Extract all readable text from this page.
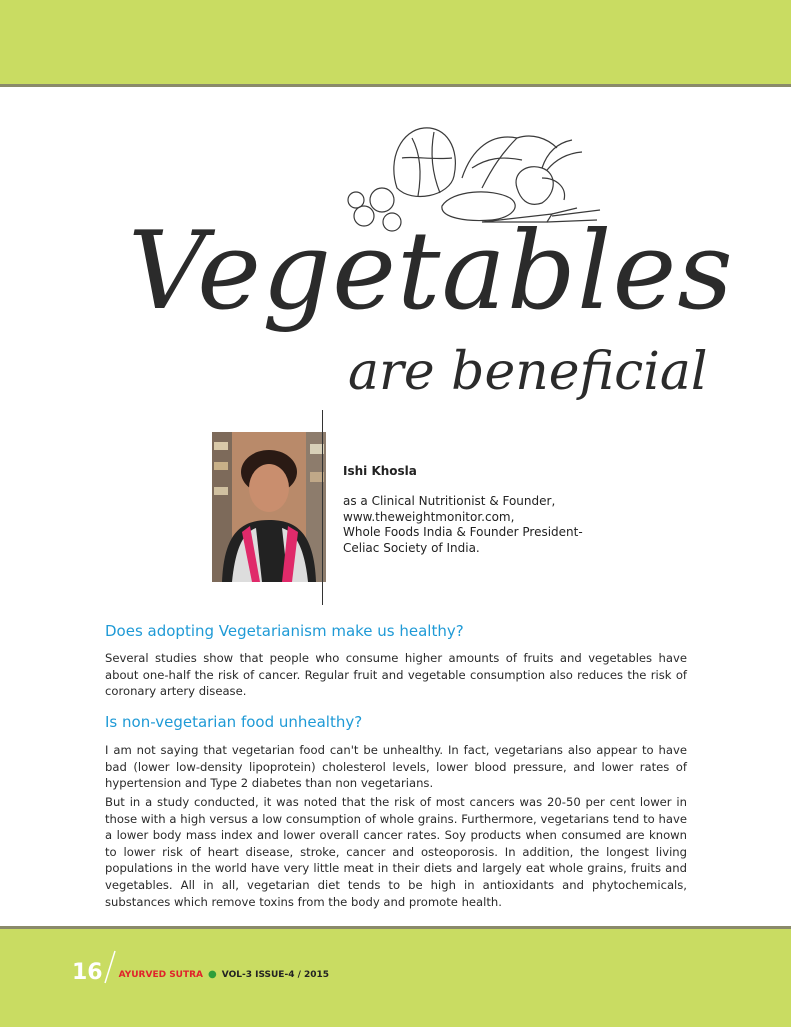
Vegetables
are beneficial
Ishi Khosla
as a Clinical Nutritionist & Founder,
www.theweightmonitor.com,
Whole Foods India & Founder President-
Celiac Society of India.
Does adopting Vegetarianism make us healthy?
Several studies show that people who consume higher amounts of fruits and vegetables have about one-half the risk of cancer. Regular fruit and vegetable consumption also reduces the risk of coronary artery disease.
Is non-vegetarian food unhealthy?
I am not saying that vegetarian food can't be unhealthy. In fact, vegetarians also appear to have bad (lower low-density lipoprotein) cholesterol levels, lower blood pressure, and lower rates of hypertension and Type 2 diabetes than non vegetarians.
But in a study conducted, it was noted that the risk of most cancers was 20-50 per cent lower in those with a high versus a low consumption of whole grains. Furthermore, vegetarians tend to have a lower body mass index and lower overall cancer rates. Soy products when consumed are known to lower risk of heart disease, stroke, cancer and osteoporosis. In addition, the longest living populations in the world have very little meat in their diets and largely eat whole grains, fruits and vegetables. All in all, vegetarian diet tends to be high in antioxidants and phytochemicals, substances which remove toxins from the body and promote health.
16 AYURVED SUTRA ● VOL-3 ISSUE-4 / 2015
